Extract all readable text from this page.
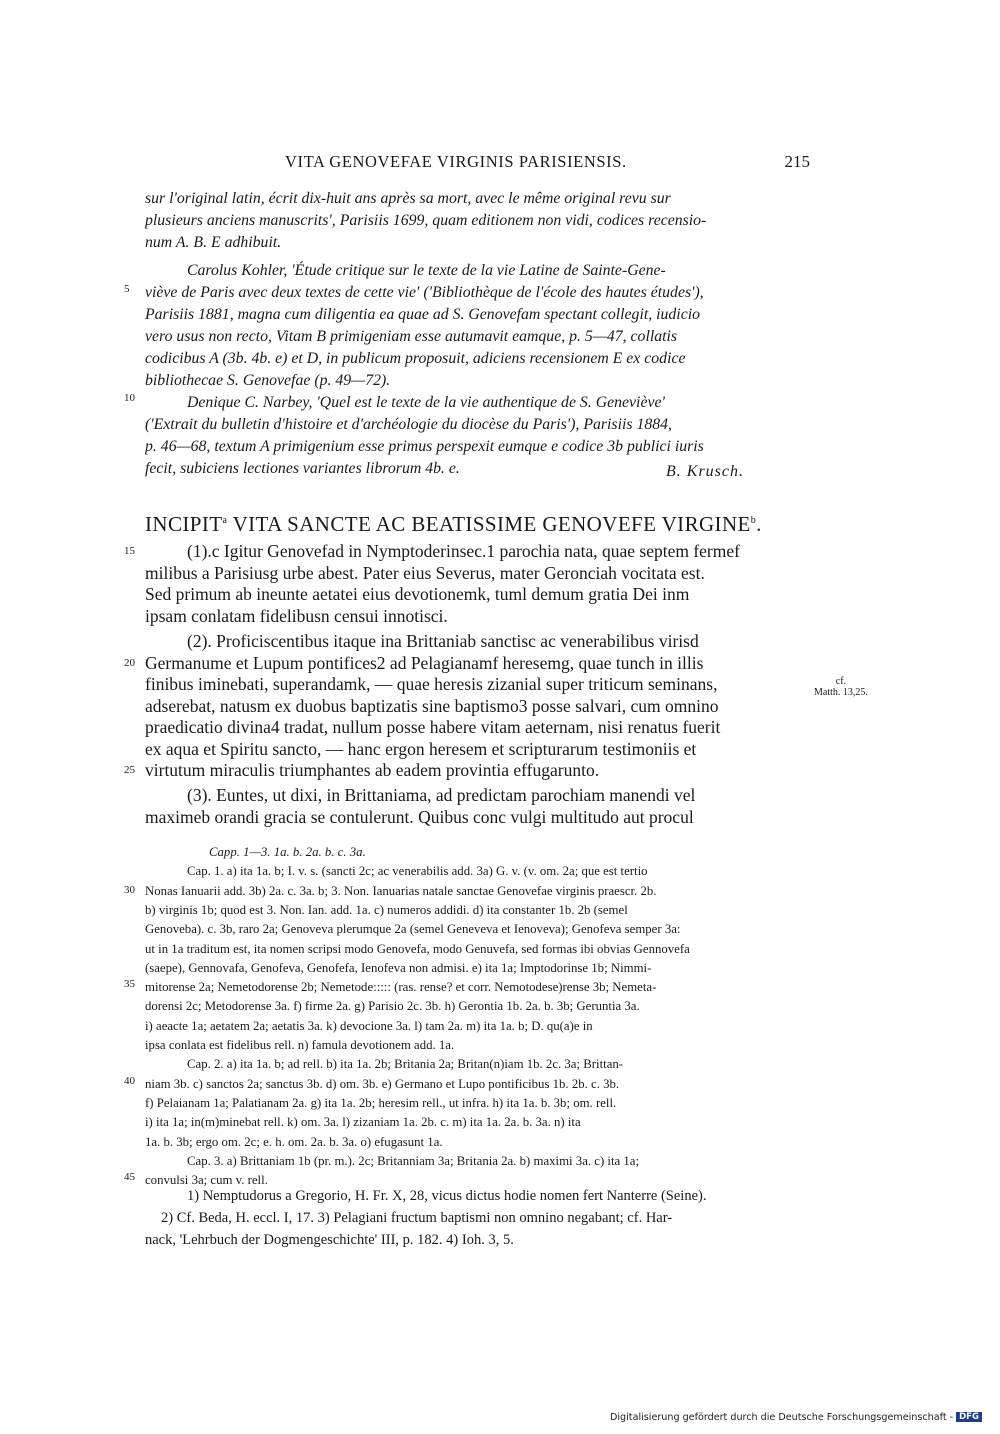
VITA GENOVEFAE VIRGINIS PARISIENSIS.	215
sur l'original latin, écrit dix-huit ans après sa mort, avec le même original revu sur
plusieurs anciens manuscrits', Parisiis 1699, quam editionem non vidi, codices recensio-
num A. B. E adhibuit.
Carolus Kohler, 'Étude critique sur le texte de la vie Latine de Sainte-Gene-
viève de Paris avec deux textes de cette vie' ('Bibliothèque de l'école des hautes études'),
Parisiis 1881, magna cum diligentia ea quae ad S. Genovefam spectant collegit, iudicio
vero usus non recto, Vitam B primigeniam esse autumavit eamque, p. 5—47, collatis
codicibus A (3b. 4b. e) et D, in publicum proposuit, adiciens recensionem E ex codice
bibliothecae S. Genovefae (p. 49—72).
Denique C. Narbey, 'Quel est le texte de la vie authentique de S. Geneviève'
('Extrait du bulletin d'histoire et d'archéologie du diocèse du Paris'), Parisiis 1884,
p. 46—68, textum A primigenium esse primus perspexit eumque e codice 3b publici iuris
fecit, subiciens lectiones variantes librorum 4b. e.	B. Krusch.
INCIPIT$^a$ VITA SANCTE AC BEATISSIME GENOVEFE VIRGINE$^b$.
(1).c Igitur Genovefad in Nymptoderinsec.1 parochia nata, quae septem fermef
milibus a Parisiusg urbe abest. Pater eius Severus, mater Geronciah vocitata est.
Sed primum ab ineunte aetatei eius devotionemk, tuml demum gratia Dei inm
ipsam conlatam fidelibusn censui innotisci.
(2). Proficiscentibus itaque ina Brittaniab sanctisc ac venerabilibus virisd
Germanume et Lupum pontifices2 ad Pelagianamf heresemg, quae tunch in illis
finibus iminebati, superandamk, — quae heresis zizanial super triticum seminans,
adserebat, natusm ex duobus baptizatis sine baptismo3 posse salvari, cum omnino
praedicatio divina4 tradat, nullum posse habere vitam aeternam, nisi renatus fuerit
ex aqua et Spiritu sancto, — hanc ergon heresem et scripturarum testimoniis et
virtutum miraculis triumphantes ab eadem provintia effugarunto.
(3). Euntes, ut dixi, in Brittaniama, ad predictam parochiam manendi vel
maximeb orandi gracia se contulerunt. Quibus conc vulgi multitudo aut procul
cf.
Matth. 13,25.
Capp. 1—3. 1a. b. 2a. b. c. 3a.
Cap. 1. a) ita 1a. b; I. v. s. (sancti 2c; ac venerabilis add. 3a) G. v. (v. om. 2a; que est tertio
Nonas Ianuarii add. 3b) 2a. c. 3a. b; 3. Non. Ianuarias natale sanctae Genovefae virginis praescr. 2b.
b) virginis 1b; quod est 3. Non. Ian. add. 1a. c) numeros addidi. d) ita constanter 1b. 2b (semel
Genoveba). c. 3b, raro 2a; Genoveva plerumque 2a (semel Geneveva et Ienoveva); Genofeva semper 3a:
ut in 1a traditum est, ita nomen scripsi modo Genovefa, modo Genuvefa, sed formas ibi obvias Gennovefa
(saepe), Gennovafa, Genofeva, Genofefa, Ienofeva non admisi. e) ita 1a; Imptodorinse 1b; Nimmi-
mitorense 2a; Nemetodorense 2b; Nemetode::::: (ras. rense? et corr. Nemotodese)rense 3b; Nemeta-
dorensi 2c; Metodorense 3a. f) firme 2a. g) Parisio 2c. 3b. h) Gerontia 1b. 2a. b. 3b; Geruntia 3a.
i) aeacte 1a; aetatem 2a; aetatis 3a. k) devocione 3a. l) tam 2a. m) ita 1a. b; D. qu(a)e in
ipsa conlata est fidelibus rell. n) famula devotionem add. 1a.
Cap. 2. a) ita 1a. b; ad rell. b) ita 1a. 2b; Britania 2a; Britan(n)iam 1b. 2c. 3a; Brittan-
niam 3b. c) sanctos 2a; sanctus 3b. d) om. 3b. e) Germano et Lupo pontificibus 1b. 2b. c. 3b.
f) Pelaianam 1a; Palatianam 2a. g) ita 1a. 2b; heresim rell., ut infra. h) ita 1a. b. 3b; om. rell.
i) ita 1a; in(m)minebat rell. k) om. 3a. l) zizaniam 1a. 2b. c. m) ita 1a. 2a. b. 3a. n) ita
1a. b. 3b; ergo om. 2c; e. h. om. 2a. b. 3a. o) efugasunt 1a.
Cap. 3. a) Brittaniam 1b (pr. m.). 2c; Britanniam 3a; Britania 2a. b) maximi 3a. c) ita 1a;
convulsi 3a; cum v. rell.
1) Nemptudorus a Gregorio, H. Fr. X, 28, vicus dictus hodie nomen fert Nanterre (Seine).
2) Cf. Beda, H. eccl. I, 17. 3) Pelagiani fructum baptismi non omnino negabant; cf. Har-
nack, 'Lehrbuch der Dogmengeschichte' III, p. 182. 4) Ioh. 3, 5.
5
10
15
20
25
30
35
40
45
Digitalisierung gefördert durch die Deutsche Forschungsgemeinschaft - DFG
